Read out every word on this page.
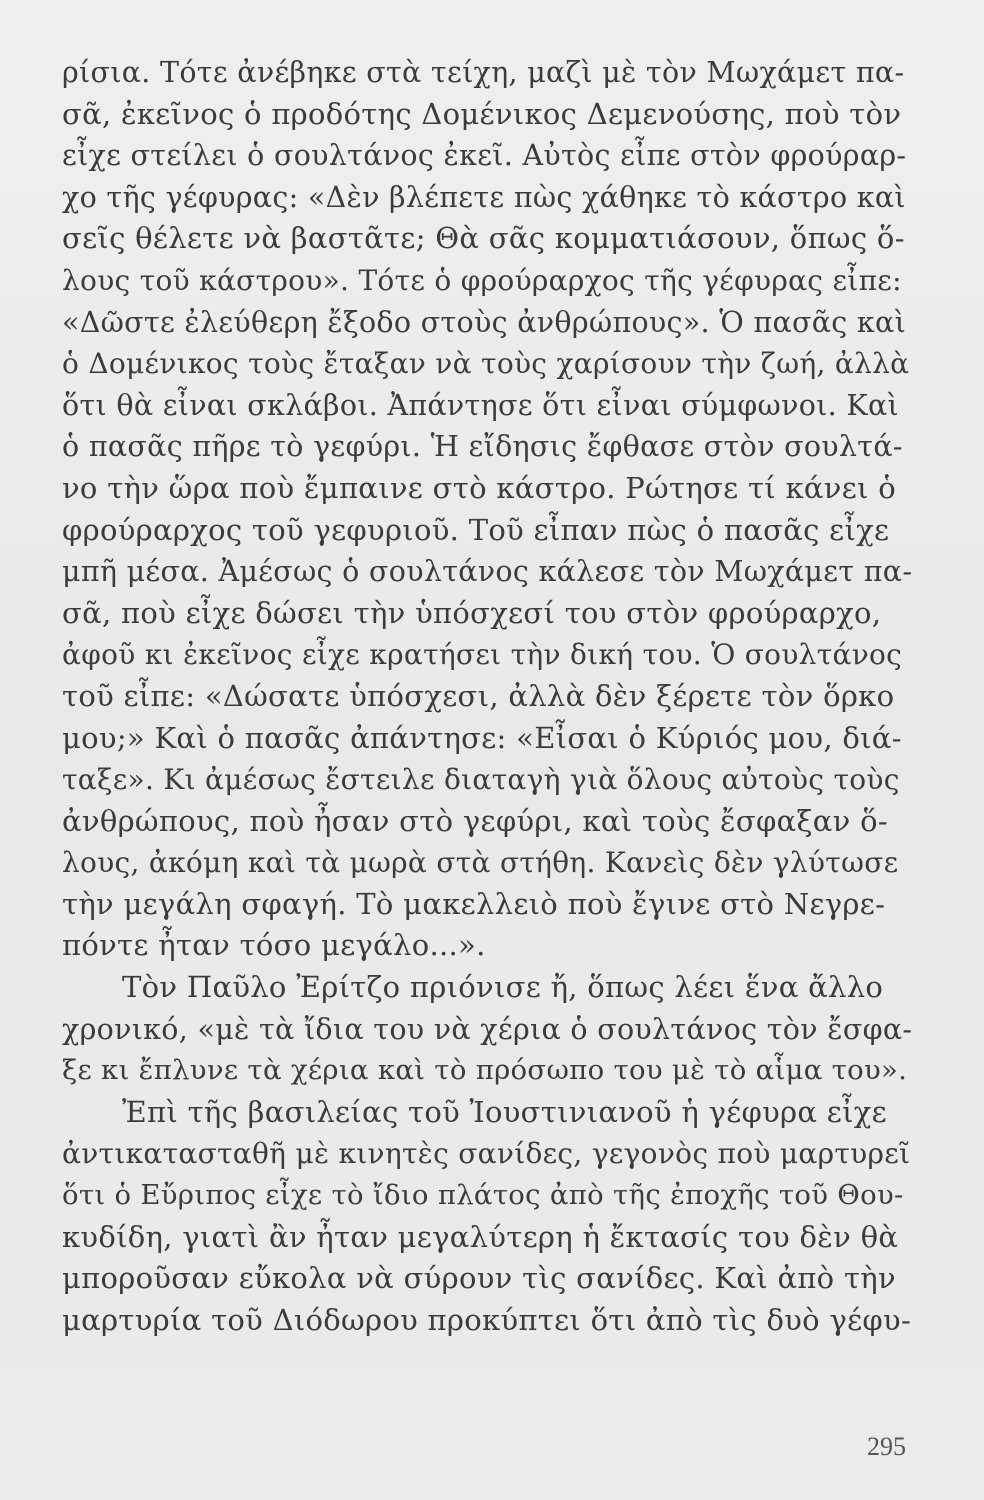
ρίσια. Τότε ἀνέβηκε στὰ τείχη, μαζὶ μὲ τὸν Μωχάμετ πα-
σᾶ, ἐκεῖνος ὁ προδότης Δομένικος Δεμενούσης, ποὺ τὸν
εἶχε στείλει ὁ σουλτάνος ἐκεῖ. Αὐτὸς εἶπε στὸν φρούραρ-
χο τῆς γέφυρας: «Δὲν βλέπετε πὼς χάθηκε τὸ κάστρο καὶ
σεῖς θέλετε νὰ βαστᾶτε; Θὰ σᾶς κομματιάσουν, ὅπως ὅ-
λους τοῦ κάστρου». Τότε ὁ φρούραρχος τῆς γέφυρας εἶπε:
«Δῶστε ἐλεύθερη ἔξοδο στοὺς ἀνθρώπους». Ὁ πασᾶς καὶ
ὁ Δομένικος τοὺς ἔταξαν νὰ τοὺς χαρίσουν τὴν ζωή, ἀλλὰ
ὅτι θὰ εἶναι σκλάβοι. Ἀπάντησε ὅτι εἶναι σύμφωνοι. Καὶ
ὁ πασᾶς πῆρε τὸ γεφύρι. Ἡ εἴδησις ἔφθασε στὸν σουλτά-
νο τὴν ὥρα ποὺ ἔμπαινε στὸ κάστρο. Ρώτησε τί κάνει ὁ
φρούραρχος τοῦ γεφυριοῦ. Τοῦ εἶπαν πὼς ὁ πασᾶς εἶχε
μπῆ μέσα. Ἀμέσως ὁ σουλτάνος κάλεσε τὸν Μωχάμετ πα-
σᾶ, ποὺ εἶχε δώσει τὴν ὑπόσχεσί του στὸν φρούραρχο,
ἀφοῦ κι ἐκεῖνος εἶχε κρατήσει τὴν δική του. Ὁ σουλτάνος
τοῦ εἶπε: «Δώσατε ὑπόσχεσι, ἀλλὰ δὲν ξέρετε τὸν ὅρκο
μου;» Καὶ ὁ πασᾶς ἀπάντησε: «Εἶσαι ὁ Κύριός μου, διά-
ταξε». Κι ἀμέσως ἔστειλε διαταγὴ γιὰ ὅλους αὐτοὺς τοὺς
ἀνθρώπους, ποὺ ἦσαν στὸ γεφύρι, καὶ τοὺς ἔσφαξαν ὅ-
λους, ἀκόμη καὶ τὰ μωρὰ στὰ στήθη. Κανεὶς δὲν γλύτωσε
τὴν μεγάλη σφαγή. Τὸ μακελλειὸ ποὺ ἔγινε στὸ Νεγρε-
πόντε ἦταν τόσο μεγάλο...».
Τὸν Παῦλο Ἐρίτζο πριόνισε ἤ, ὅπως λέει ἕνα ἄλλο
χρονικό, «μὲ τὰ ἴδια του νὰ χέρια ὁ σουλτάνος τὸν ἔσφα-
ξε κι ἔπλυνε τὰ χέρια καὶ τὸ πρόσωπο του μὲ τὸ αἷμα του».
Ἐπὶ τῆς βασιλείας τοῦ Ἰουστινιανοῦ ἡ γέφυρα εἶχε
ἀντικατασταθῆ μὲ κινητὲς σανίδες, γεγονὸς ποὺ μαρτυρεῖ
ὅτι ὁ Εὔριπος εἶχε τὸ ἴδιο πλάτος ἀπὸ τῆς ἐποχῆς τοῦ Θου-
κυδίδη, γιατὶ ἂν ἦταν μεγαλύτερη ἡ ἔκτασίς του δὲν θὰ
μποροῦσαν εὔκολα νὰ σύρουν τὶς σανίδες. Καὶ ἀπὸ τὴν
μαρτυρία τοῦ Διόδωρου προκύπτει ὅτι ἀπὸ τὶς δυὸ γέφυ-
295
